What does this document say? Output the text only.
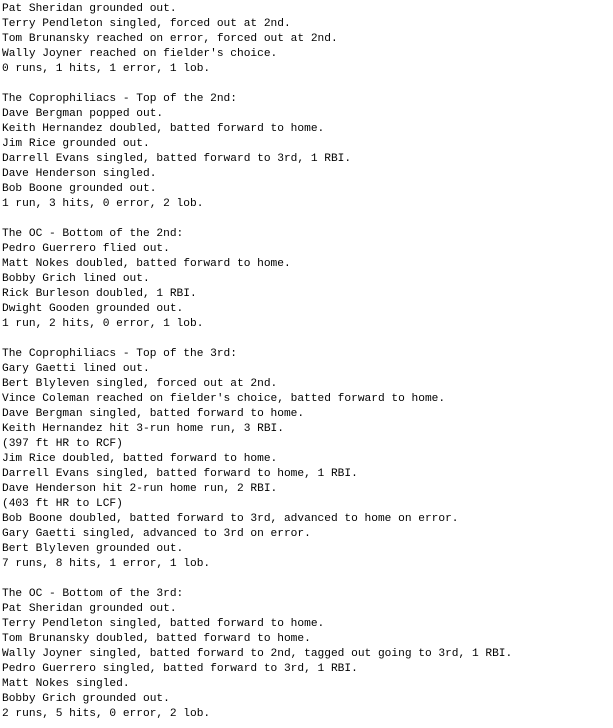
Pat Sheridan grounded out.
Terry Pendleton singled, forced out at 2nd.
Tom Brunansky reached on error, forced out at 2nd.
Wally Joyner reached on fielder's choice.
0 runs, 1 hits, 1 error, 1 lob.
The Coprophiliacs - Top of the 2nd:
Dave Bergman popped out.
Keith Hernandez doubled, batted forward to home.
Jim Rice grounded out.
Darrell Evans singled, batted forward to 3rd, 1 RBI.
Dave Henderson singled.
Bob Boone grounded out.
1 run, 3 hits, 0 error, 2 lob.
The OC - Bottom of the 2nd:
Pedro Guerrero flied out.
Matt Nokes doubled, batted forward to home.
Bobby Grich lined out.
Rick Burleson doubled, 1 RBI.
Dwight Gooden grounded out.
1 run, 2 hits, 0 error, 1 lob.
The Coprophiliacs - Top of the 3rd:
Gary Gaetti lined out.
Bert Blyleven singled, forced out at 2nd.
Vince Coleman reached on fielder's choice, batted forward to home.
Dave Bergman singled, batted forward to home.
Keith Hernandez hit 3-run home run, 3 RBI.
(397 ft HR to RCF)
Jim Rice doubled, batted forward to home.
Darrell Evans singled, batted forward to home, 1 RBI.
Dave Henderson hit 2-run home run, 2 RBI.
(403 ft HR to LCF)
Bob Boone doubled, batted forward to 3rd, advanced to home on error.
Gary Gaetti singled, advanced to 3rd on error.
Bert Blyleven grounded out.
7 runs, 8 hits, 1 error, 1 lob.
The OC - Bottom of the 3rd:
Pat Sheridan grounded out.
Terry Pendleton singled, batted forward to home.
Tom Brunansky doubled, batted forward to home.
Wally Joyner singled, batted forward to 2nd, tagged out going to 3rd, 1 RBI.
Pedro Guerrero singled, batted forward to 3rd, 1 RBI.
Matt Nokes singled.
Bobby Grich grounded out.
2 runs, 5 hits, 0 error, 2 lob.
